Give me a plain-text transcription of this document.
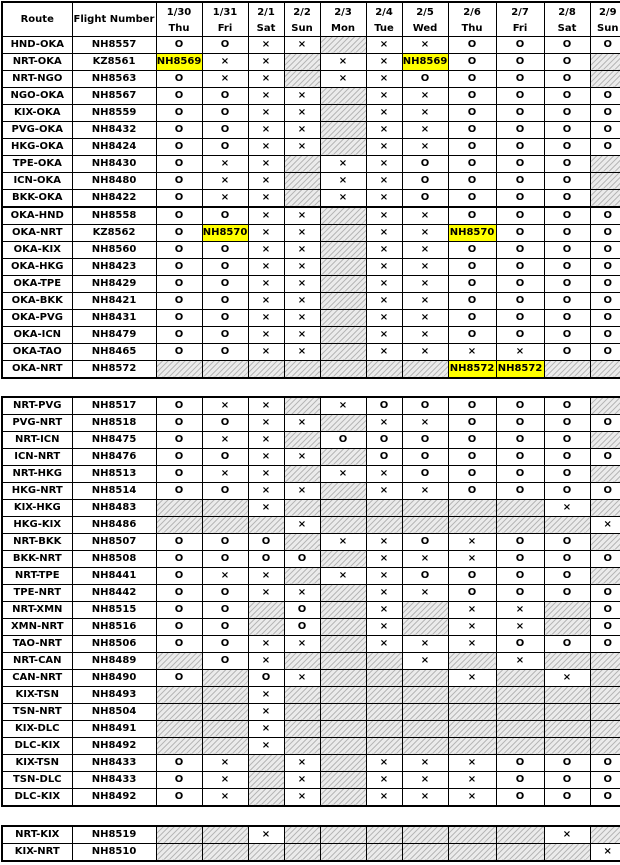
Route	Flight Number	1/30	1/31	2/1	2/2	2/3	2/4	2/5	2/6	2/7	2/8	2/9
		Thu	Fri	Sat	Sun	Mon	Tue	Wed	Thu	Fri	Sat	Sun
HND-OKA	NH8557	O	O	×	×		×	×	O	O	O	O
NRT-OKA	KZ8561	NH8569	×	×		×	×	NH8569	O	O	O	
NRT-NGO	NH8563	O	×	×		×	×	O	O	O	O	
NGO-OKA	NH8567	O	O	×	×		×	×	O	O	O	O
KIX-OKA	NH8559	O	O	×	×		×	×	O	O	O	O
PVG-OKA	NH8432	O	O	×	×		×	×	O	O	O	O
HKG-OKA	NH8424	O	O	×	×		×	×	O	O	O	O
TPE-OKA	NH8430	O	×	×		×	×	O	O	O	O	
ICN-OKA	NH8480	O	×	×		×	×	O	O	O	O	
BKK-OKA	NH8422	O	×	×		×	×	O	O	O	O	
OKA-HND	NH8558	O	O	×	×		×	×	O	O	O	O
OKA-NRT	KZ8562	O	NH8570	×	×		×	×	NH8570	O	O	O
OKA-KIX	NH8560	O	O	×	×		×	×	O	O	O	O
OKA-HKG	NH8423	O	O	×	×		×	×	O	O	O	O
OKA-TPE	NH8429	O	O	×	×		×	×	O	O	O	O
OKA-BKK	NH8421	O	O	×	×		×	×	O	O	O	O
OKA-PVG	NH8431	O	O	×	×		×	×	O	O	O	O
OKA-ICN	NH8479	O	O	×	×		×	×	O	O	O	O
OKA-TAO	NH8465	O	O	×	×		×	×	×	×	O	O
OKA-NRT	NH8572								NH8572	NH8572		
NRT-PVG	NH8517	O	×	×		×	O	O	O	O	O	
PVG-NRT	NH8518	O	O	×	×		×	×	O	O	O	O
NRT-ICN	NH8475	O	×	×		O	O	O	O	O	O	
ICN-NRT	NH8476	O	O	×	×		O	O	O	O	O	O
NRT-HKG	NH8513	O	×	×		×	×	O	O	O	O	
HKG-NRT	NH8514	O	O	×	×		×	×	O	O	O	O
KIX-HKG	NH8483			×							×	
HKG-KIX	NH8486				×							×
NRT-BKK	NH8507	O	O	O		×	×	O	×	O	O	
BKK-NRT	NH8508	O	O	O	O		×	×	×	O	O	O
NRT-TPE	NH8441	O	×	×		×	×	O	O	O	O	
TPE-NRT	NH8442	O	O	×	×		×	×	O	O	O	O
NRT-XMN	NH8515	O	O		O		×		×	×		O
XMN-NRT	NH8516	O	O		O		×		×	×		O
TAO-NRT	NH8506	O	O	×	×		×	×	×	O	O	O
NRT-CAN	NH8489		O	×				×		×		
CAN-NRT	NH8490	O		O	×				×		×	
KIX-TSN	NH8493			×								
TSN-NRT	NH8504			×								
KIX-DLC	NH8491			×								
DLC-KIX	NH8492			×								
KIX-TSN	NH8433	O	×		×		×	×	×	O	O	O
TSN-DLC	NH8433	O	×		×		×	×	×	O	O	O
DLC-KIX	NH8492	O	×		×		×	×	×	O	O	O
NRT-KIX	NH8519			×							×	
KIX-NRT	NH8510											×
